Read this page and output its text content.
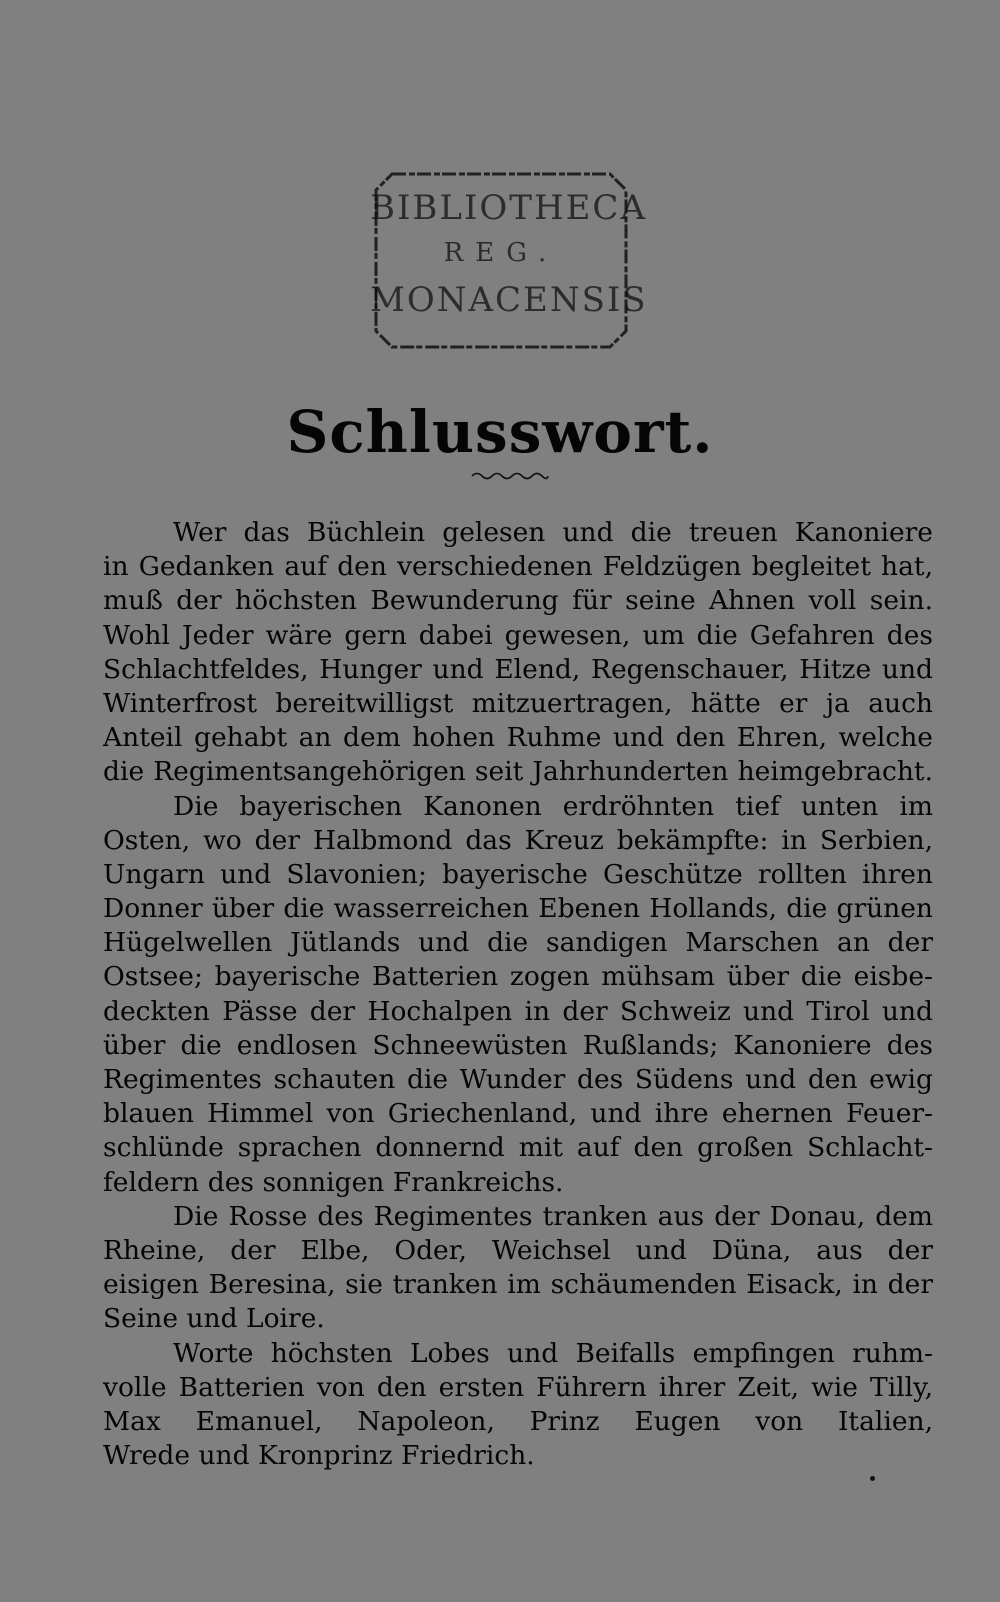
BIBLIOTHECA
REG.
MONACENSIS
Schlusswort.
Wer das Büchlein gelesen und die treuen Kanoniere
in Gedanken auf den verschiedenen Feldzügen begleitet hat,
muß der höchsten Bewunderung für seine Ahnen voll sein.
Wohl Jeder wäre gern dabei gewesen, um die Gefahren des
Schlachtfeldes, Hunger und Elend, Regenschauer, Hitze und
Winterfrost bereitwilligst mitzuertragen, hätte er ja auch
Anteil gehabt an dem hohen Ruhme und den Ehren, welche
die Regimentsangehörigen seit Jahrhunderten heimgebracht.
Die bayerischen Kanonen erdröhnten tief unten im
Osten, wo der Halbmond das Kreuz bekämpfte: in Serbien,
Ungarn und Slavonien; bayerische Geschütze rollten ihren
Donner über die wasserreichen Ebenen Hollands, die grünen
Hügelwellen Jütlands und die sandigen Marschen an der
Ostsee; bayerische Batterien zogen mühsam über die eisbe-
deckten Pässe der Hochalpen in der Schweiz und Tirol und
über die endlosen Schneewüsten Rußlands; Kanoniere des
Regimentes schauten die Wunder des Südens und den ewig
blauen Himmel von Griechenland, und ihre ehernen Feuer-
schlünde sprachen donnernd mit auf den großen Schlacht-
feldern des sonnigen Frankreichs.
Die Rosse des Regimentes tranken aus der Donau, dem
Rheine, der Elbe, Oder, Weichsel und Düna, aus der
eisigen Beresina, sie tranken im schäumenden Eisack, in der
Seine und Loire.
Worte höchsten Lobes und Beifalls empfingen ruhm-
volle Batterien von den ersten Führern ihrer Zeit, wie Tilly,
Max Emanuel, Napoleon, Prinz Eugen von Italien,
Wrede und Kronprinz Friedrich.
